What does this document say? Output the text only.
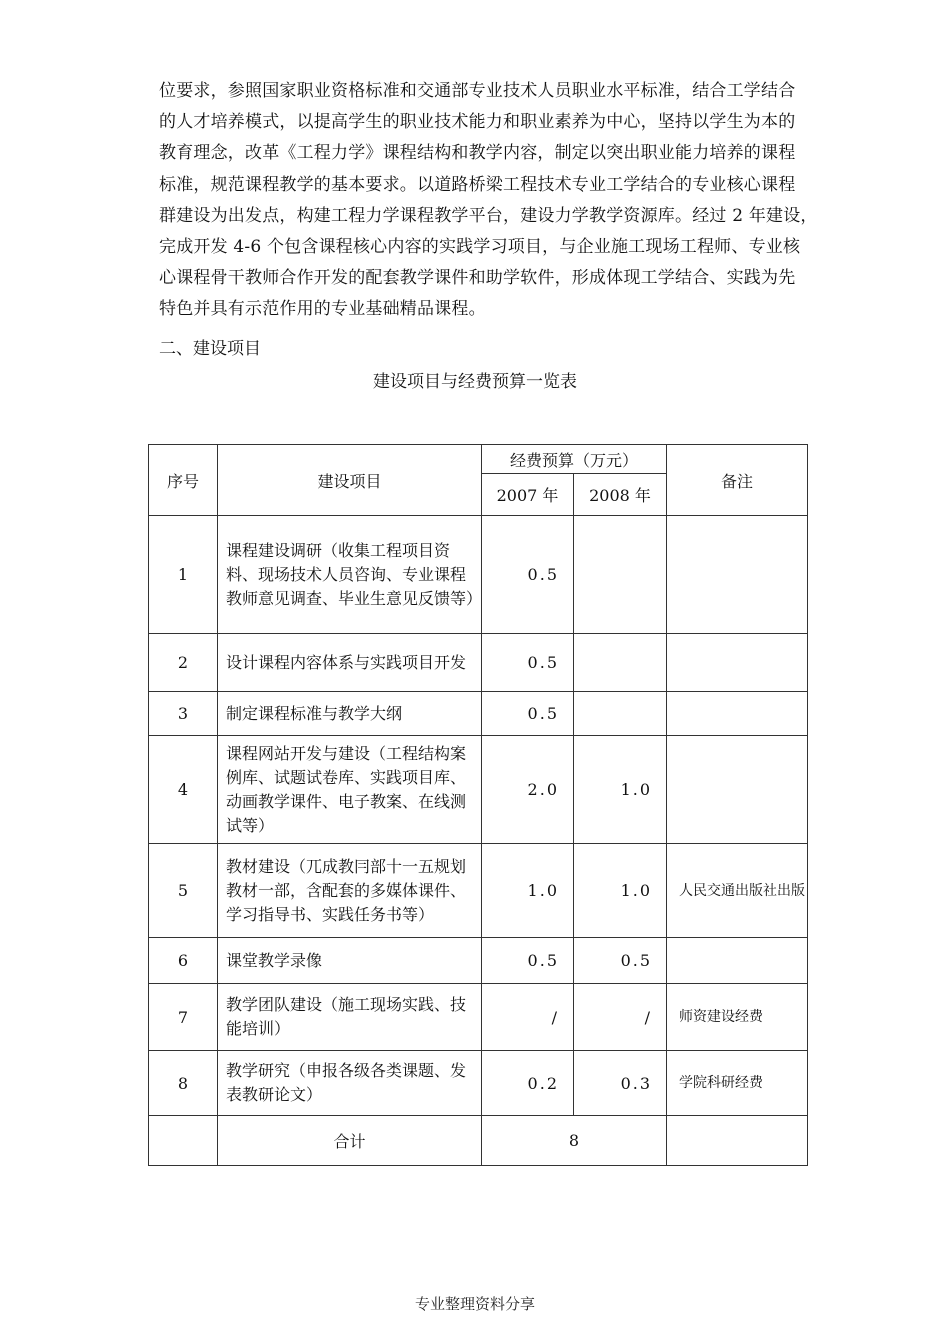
位要求，参照国家职业资格标准和交通部专业技术人员职业水平标准，结合工学结合
的人才培养模式，以提高学生的职业技术能力和职业素养为中心，坚持以学生为本的
教育理念，改革《工程力学》课程结构和教学内容，制定以突出职业能力培养的课程
标准，规范课程教学的基本要求。以道路桥梁工程技术专业工学结合的专业核心课程
群建设为出发点，构建工程力学课程教学平台，建设力学教学资源库。经过 2 年建设，
完成开发 4-6 个包含课程核心内容的实践学习项目，与企业施工现场工程师、专业核
心课程骨干教师合作开发的配套教学课件和助学软件，形成体现工学结合、实践为先
特色并具有示范作用的专业基础精品课程。
二、建设项目
建设项目与经费预算一览表
序号	建设项目	经费预算（万元）		备注
		2007 年	2008 年	
1	课程建设调研（收集工程项目资料、现场技术人员咨询、专业课程教师意见调查、毕业生意见反馈等）	0.5		
2	设计课程内容体系与实践项目开发	0.5		
3	制定课程标准与教学大纲	0.5		
4	课程网站开发与建设（工程结构案例库、试题试卷库、实践项目库、动画教学课件、电子教案、在线测试等）	2.0	1.0	
5	教材建设（兀成教冃部十一五规划教材一部，含配套的多媒体课件、学习指导书、实践任务书等）	1.0	1.0	人民交通出版社出版
6	课堂教学录像	0.5	0.5	
7	教学团队建设（施工现场实践、技能培训）	/	/	师资建设经费
8	教学研究（申报各级各类课题、发表教研论文）	0.2	0.3	学院科研经费
	合计	8		
专业整理资料分享
